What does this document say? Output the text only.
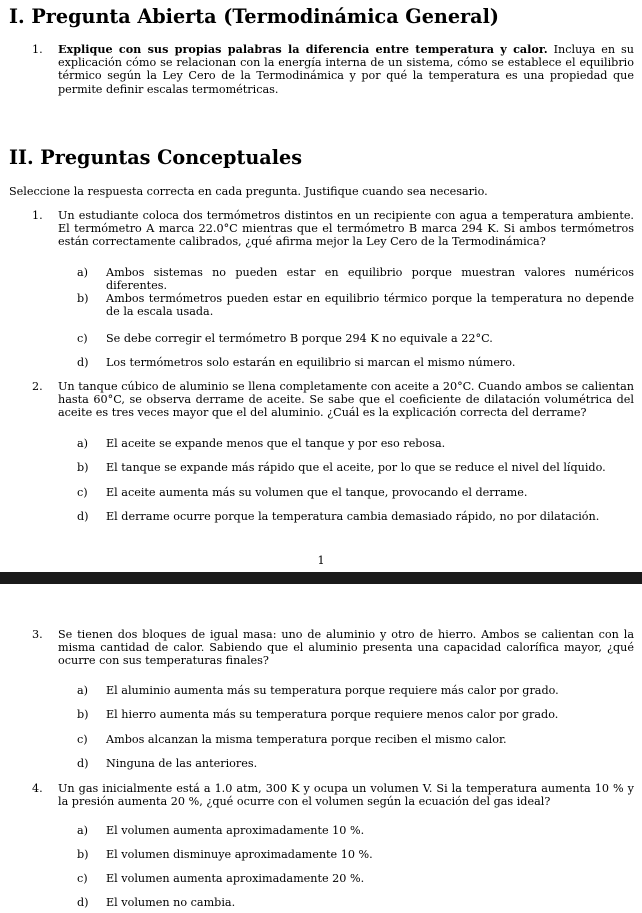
I. Pregunta Abierta (Termodinámica General)
1. Explique con sus propias palabras la diferencia entre temperatura y calor. Incluya en su explicación cómo se relacionan con la energía interna de un sistema, cómo se establece el equilibrio térmico según la Ley Cero de la Termodinámica y por qué la temperatura es una propiedad que permite definir escalas termométricas.
II. Preguntas Conceptuales
Seleccione la respuesta correcta en cada pregunta. Justifique cuando sea necesario.
1. Un estudiante coloca dos termómetros distintos en un recipiente con agua a temperatura ambiente. El termómetro A marca 22.0°C mientras que el termómetro B marca 294 K. Si ambos termómetros están correctamente calibrados, ¿qué afirma mejor la Ley Cero de la Termodinámica?
a) Ambos sistemas no pueden estar en equilibrio porque muestran valores numéricos diferentes.
b) Ambos termómetros pueden estar en equilibrio térmico porque la temperatura no depende de la escala usada.
c) Se debe corregir el termómetro B porque 294 K no equivale a 22°C.
d) Los termómetros solo estarán en equilibrio si marcan el mismo número.
2. Un tanque cúbico de aluminio se llena completamente con aceite a 20°C. Cuando ambos se calientan hasta 60°C, se observa derrame de aceite. Se sabe que el coeficiente de dilatación volumétrica del aceite es tres veces mayor que el del aluminio. ¿Cuál es la explicación correcta del derrame?
a) El aceite se expande menos que el tanque y por eso rebosa.
b) El tanque se expande más rápido que el aceite, por lo que se reduce el nivel del líquido.
c) El aceite aumenta más su volumen que el tanque, provocando el derrame.
d) El derrame ocurre porque la temperatura cambia demasiado rápido, no por dilatación.
1
3. Se tienen dos bloques de igual masa: uno de aluminio y otro de hierro. Ambos se calientan con la misma cantidad de calor. Sabiendo que el aluminio presenta una capacidad calorífica mayor, ¿qué ocurre con sus temperaturas finales?
a) El aluminio aumenta más su temperatura porque requiere más calor por grado.
b) El hierro aumenta más su temperatura porque requiere menos calor por grado.
c) Ambos alcanzan la misma temperatura porque reciben el mismo calor.
d) Ninguna de las anteriores.
4. Un gas inicialmente está a 1.0 atm, 300 K y ocupa un volumen V. Si la temperatura aumenta 10 % y la presión aumenta 20 %, ¿qué ocurre con el volumen según la ecuación del gas ideal?
a) El volumen aumenta aproximadamente 10 %.
b) El volumen disminuye aproximadamente 10 %.
c) El volumen aumenta aproximadamente 20 %.
d) El volumen no cambia.
